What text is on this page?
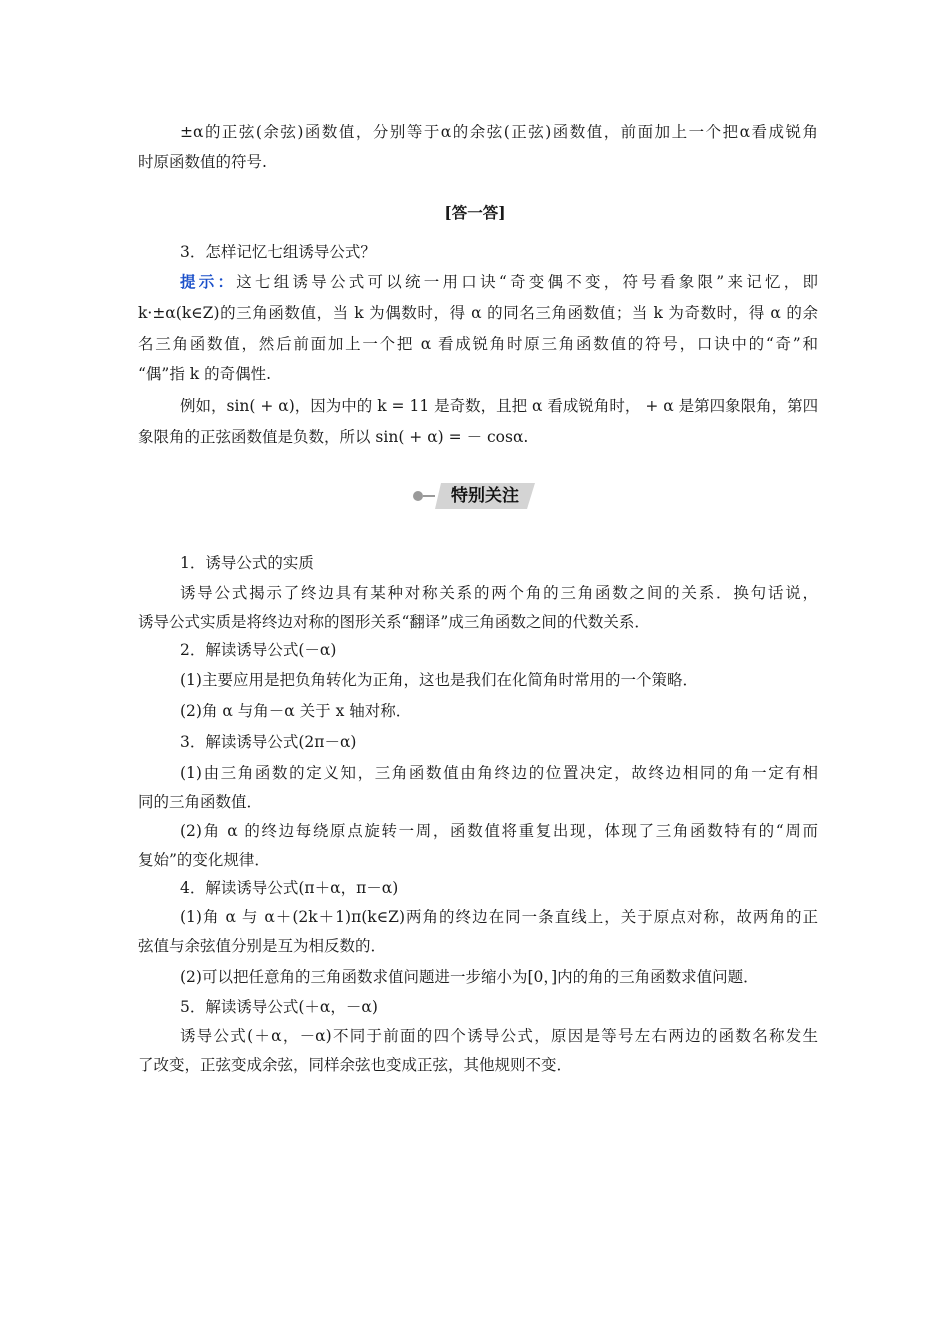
±α的正弦(余弦)函数值，分别等于α的余弦(正弦)函数值，前面加上一个把α看成锐角
时原函数值的符号.
[答一答]
3．怎样记忆七组诱导公式？
提示：这七组诱导公式可以统一用口诀“奇变偶不变，符号看象限”来记忆，即
k·±α(k∈Z)的三角函数值，当 k 为偶数时，得 α 的同名三角函数值；当 k 为奇数时，得 α 的余
名三角函数值，然后前面加上一个把 α 看成锐角时原三角函数值的符号，口诀中的“奇”和
“偶”指 k 的奇偶性.
例如，sin( + α)，因为中的 k = 11 是奇数，且把 α 看成锐角时， + α 是第四象限角，第四
象限角的正弦函数值是负数，所以 sin( + α) = － cosα.
特别关注
1．诱导公式的实质
诱导公式揭示了终边具有某种对称关系的两个角的三角函数之间的关系．换句话说，
诱导公式实质是将终边对称的图形关系“翻译”成三角函数之间的代数关系．
2．解读诱导公式(－α)
(1)主要应用是把负角转化为正角，这也是我们在化简角时常用的一个策略．
(2)角 α 与角－α 关于 x 轴对称．
3．解读诱导公式(2π－α)
(1)由三角函数的定义知，三角函数值由角终边的位置决定，故终边相同的角一定有相
同的三角函数值．
(2)角 α 的终边每绕原点旋转一周，函数值将重复出现，体现了三角函数特有的“周而
复始”的变化规律．
4．解读诱导公式(π＋α，π－α)
(1)角 α 与 α＋(2k＋1)π(k∈Z)两角的终边在同一条直线上，关于原点对称，故两角的正
弦值与余弦值分别是互为相反数的．
(2)可以把任意角的三角函数求值问题进一步缩小为[0，]内的角的三角函数求值问题．
5．解读诱导公式(＋α，－α)
诱导公式(＋α，－α)不同于前面的四个诱导公式，原因是等号左右两边的函数名称发生
了改变，正弦变成余弦，同样余弦也变成正弦，其他规则不变．
